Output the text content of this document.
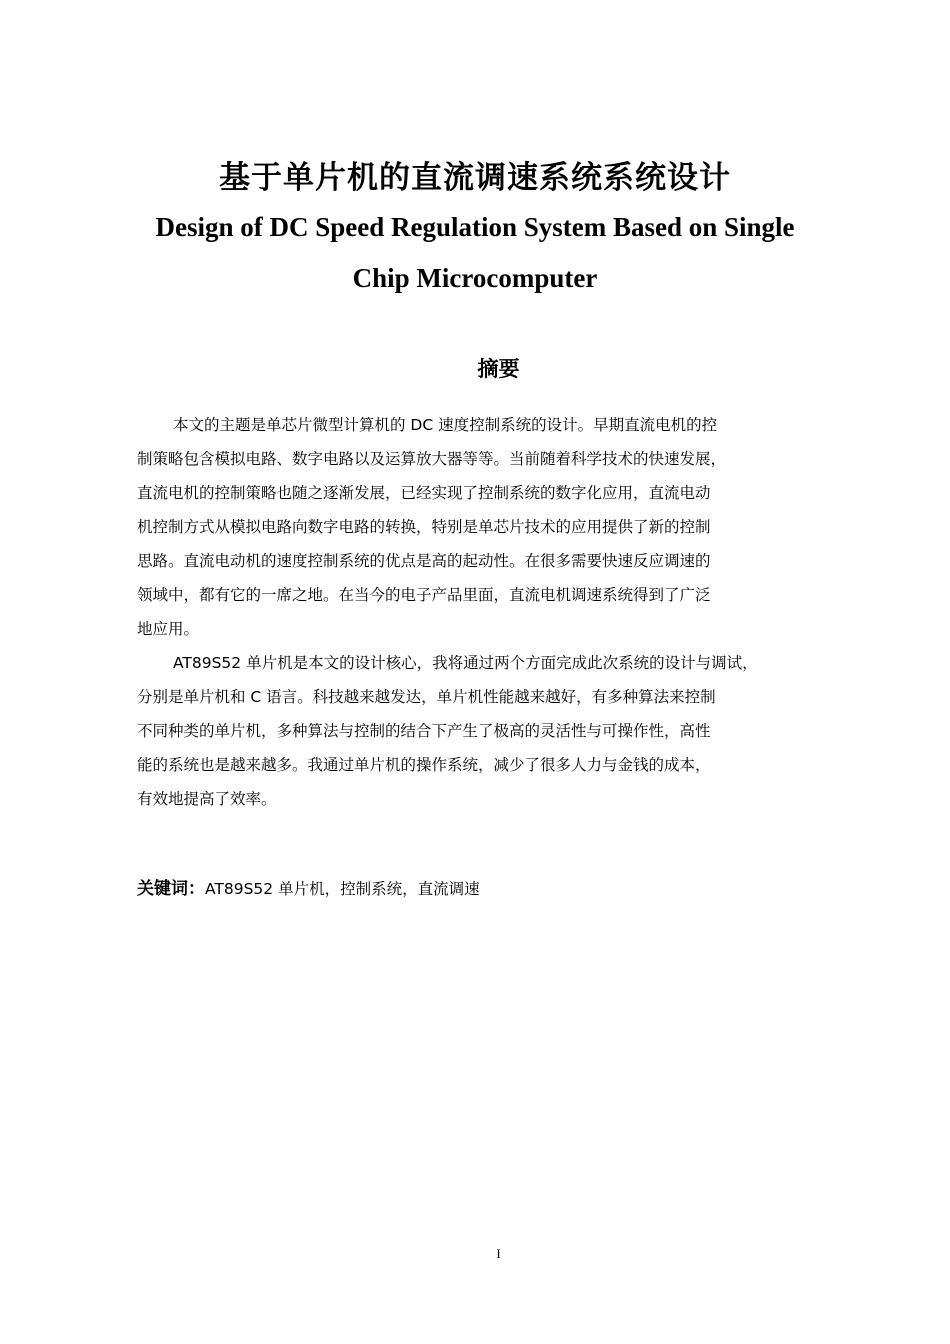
基于单片机的直流调速系统系统设计
Design of DC Speed Regulation System Based on Single
Chip Microcomputer
摘要
本文的主题是单芯片微型计算机的 DC 速度控制系统的设计。早期直流电机的控
制策略包含模拟电路、数字电路以及运算放大器等等。当前随着科学技术的快速发展，
直流电机的控制策略也随之逐渐发展，已经实现了控制系统的数字化应用，直流电动
机控制方式从模拟电路向数字电路的转换，特别是单芯片技术的应用提供了新的控制
思路。直流电动机的速度控制系统的优点是高的起动性。在很多需要快速反应调速的
领域中，都有它的一席之地。在当今的电子产品里面，直流电机调速系统得到了广泛
地应用。
AT89S52 单片机是本文的设计核心，我将通过两个方面完成此次系统的设计与调试，
分别是单片机和 C 语言。科技越来越发达，单片机性能越来越好，有多种算法来控制
不同种类的单片机，多种算法与控制的结合下产生了极高的灵活性与可操作性，高性
能的系统也是越来越多。我通过单片机的操作系统，减少了很多人力与金钱的成本，
有效地提高了效率。
关键词：AT89S52 单片机，控制系统，直流调速
I
